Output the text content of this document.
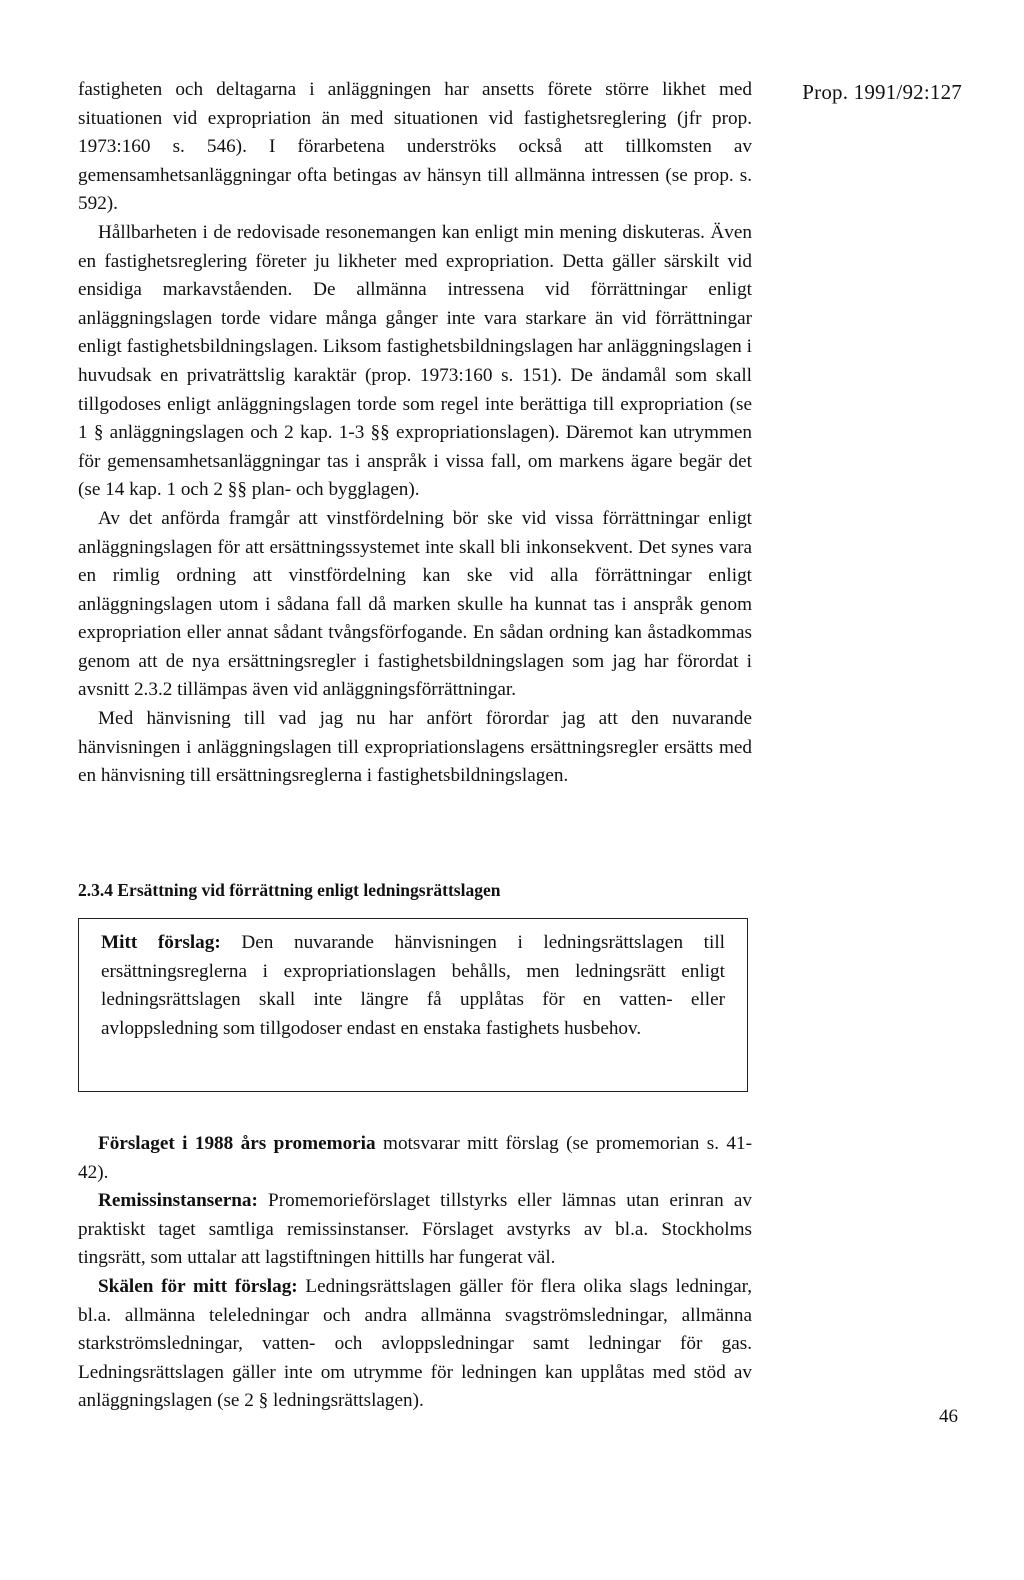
Prop. 1991/92:127

fastigheten och deltagarna i anläggningen har ansetts förete större likhet med situationen vid expropriation än med situationen vid fastighetsreglering (jfr prop. 1973:160 s. 546). I förarbetena underströks också att tillkomsten av gemensamhetsanläggningar ofta betingas av hänsyn till allmänna intressen (se prop. s. 592).

Hållbarheten i de redovisade resonemangen kan enligt min mening diskuteras. Även en fastighetsreglering företer ju likheter med expropriation. Detta gäller särskilt vid ensidiga markavståenden. De allmänna intressena vid förrättningar enligt anläggningslagen torde vidare många gånger inte vara starkare än vid förrättningar enligt fastighetsbildningslagen. Liksom fastighetsbildningslagen har anläggningslagen i huvudsak en privaträttslig karaktär (prop. 1973:160 s. 151). De ändamål som skall tillgodoses enligt anläggningslagen torde som regel inte berättiga till expropriation (se 1 § anläggningslagen och 2 kap. 1-3 §§ expropriationslagen). Däremot kan utrymmen för gemensamhetsanläggningar tas i anspråk i vissa fall, om markens ägare begär det (se 14 kap. 1 och 2 §§ plan- och bygglagen).

Av det anförda framgår att vinstfördelning bör ske vid vissa förrättningar enligt anläggningslagen för att ersättningssystemet inte skall bli inkonsekvent. Det synes vara en rimlig ordning att vinstfördelning kan ske vid alla förrättningar enligt anläggningslagen utom i sådana fall då marken skulle ha kunnat tas i anspråk genom expropriation eller annat sådant tvångsförfogande. En sådan ordning kan åstadkommas genom att de nya ersättningsregler i fastighetsbildningslagen som jag har förordat i avsnitt 2.3.2 tillämpas även vid anläggningsförrättningar.

Med hänvisning till vad jag nu har anfört förordar jag att den nuvarande hänvisningen i anläggningslagen till expropriationslagens ersättningsregler ersätts med en hänvisning till ersättningsreglerna i fastighetsbildningslagen.

2.3.4 Ersättning vid förrättning enligt ledningsrättslagen

Mitt förslag: Den nuvarande hänvisningen i ledningsrättslagen till ersättningsreglerna i expropriationslagen behålls, men ledningsrätt enligt ledningsrättslagen skall inte längre få upplåtas för en vatten- eller avloppsledning som tillgodoser endast en enstaka fastighets husbehov.

Förslaget i 1988 års promemoria motsvarar mitt förslag (se promemorian s. 41-42).

Remissinstanserna: Promemorieförslaget tillstyrks eller lämnas utan erinran av praktiskt taget samtliga remissinstanser. Förslaget avstyrks av bl.a. Stockholms tingsrätt, som uttalar att lagstiftningen hittills har fungerat väl.

Skälen för mitt förslag: Ledningsrättslagen gäller för flera olika slags ledningar, bl.a. allmänna teleledningar och andra allmänna svagströmsledningar, allmänna starkströmsledningar, vatten- och avloppsledningar samt ledningar för gas. Ledningsrättslagen gäller inte om utrymme för ledningen kan upplåtas med stöd av anläggningslagen (se 2 § ledningsrättslagen).

46
